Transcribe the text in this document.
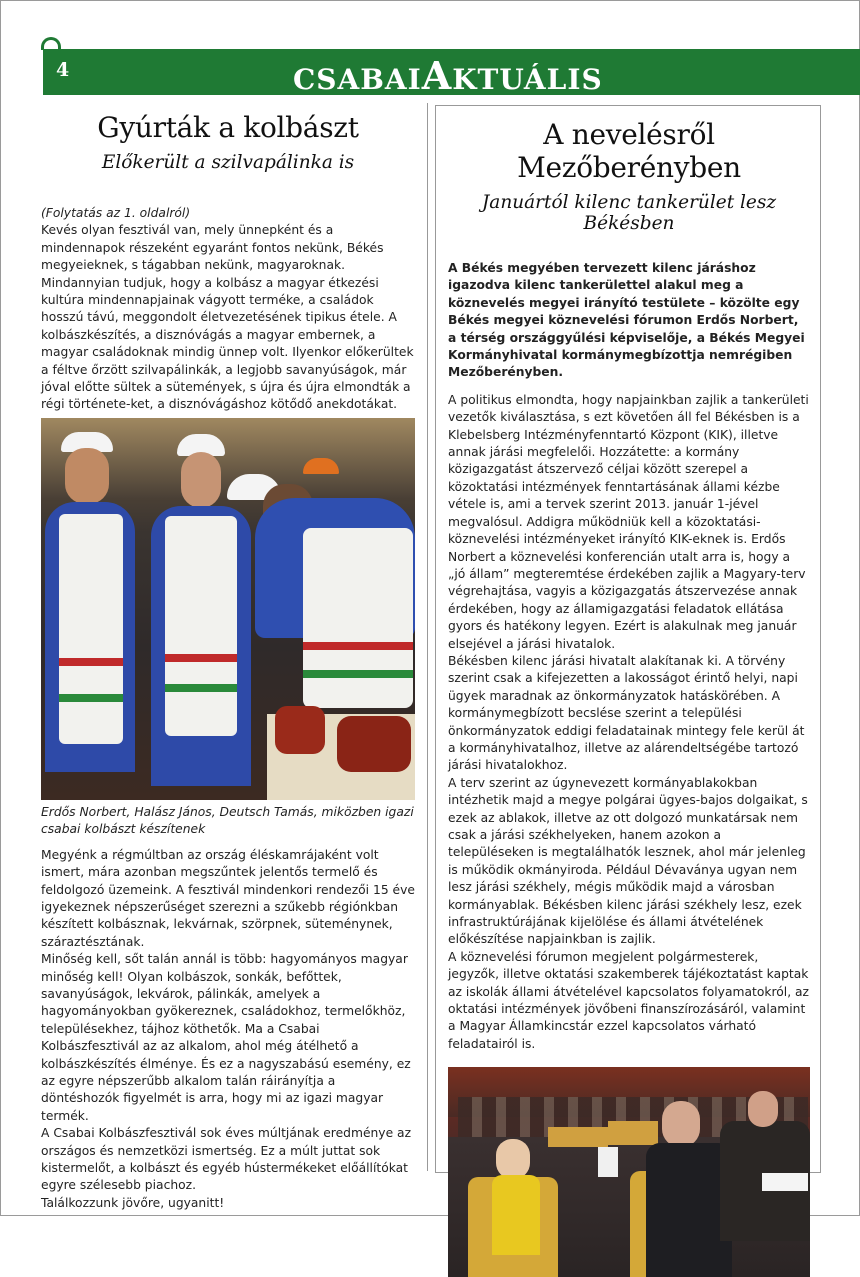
4	CSABAIAKTUÁLIS
Gyúrták a kolbászt
Előkerült a szilvapálinka is

(Folytatás az 1. oldalról)

Kevés olyan fesztivál van, mely ünnepként és a mindennapok részeként egyaránt fontos nekünk, Békés megyeieknek, s tágabban nekünk, magyaroknak. Mindannyian tudjuk, hogy a kolbász a magyar étkezési kultúra mindennapjainak vágyott terméke, a családok hosszú távú, meggondolt életvezetésének tipikus étele. A kolbászkészítés, a disznóvágás a magyar embernek, a magyar családoknak mindig ünnep volt. Ilyenkor előkerültek a féltve őrzött szilvapálinkák, a legjobb savanyúságok, már jóval előtte sültek a sütemények, s újra és újra elmondták a régi története-ket, a disznóvágáshoz kötődő anekdotákat.

Erdős Norbert, Halász János, Deutsch Tamás, miközben igazi csabai kolbászt készítenek

Megyénk a régmúltban az ország éléskamrájaként volt ismert, mára azonban megszűntek jelentős termelő és feldolgozó üzemeink. A fesztivál mindenkori rendezői 15 éve igyekeznek népszerűséget szerezni a szűkebb régiónkban készített kolbásznak, lekvárnak, szörpnek, süteménynek, száraztésztának.

Minőség kell, sőt talán annál is több: hagyományos magyar minőség kell! Olyan kolbászok, sonkák, befőttek, savanyúságok, lekvárok, pálinkák, amelyek a hagyományokban gyökereznek, családokhoz, termelőkhöz, településekhez, tájhoz köthetők. Ma a Csabai Kolbászfesztivál az az alkalom, ahol még átélhető a kolbászkészítés élménye. És ez a nagyszabású esemény, ez az egyre népszerűbb alkalom talán ráirányítja a döntéshozók figyelmét is arra, hogy mi az igazi magyar termék.

A Csabai Kolbászfesztivál sok éves múltjának eredménye az országos és nemzetközi ismertség. Ez a múlt juttat sok kistermelőt, a kolbászt és egyéb hústermékeket előállítókat egyre szélesebb piachoz.

Találkozzunk jövőre, ugyanitt!

A nevelésről Mezőberényben
Januártól kilenc tankerület lesz Békésben

A Békés megyében tervezett kilenc járáshoz igazodva kilenc tankerülettel alakul meg a köznevelés megyei irányító testülete – közölte egy Békés megyei köznevelési fórumon Erdős Norbert, a térség országgyűlési képviselője, a Békés Megyei Kormányhivatal kormánymegbízottja nemrégiben Mezőberényben.

A politikus elmondta, hogy napjainkban zajlik a tankerületi vezetők kiválasztása, s ezt követően áll fel Békésben is a Klebelsberg Intézményfenntartó Központ (KIK), illetve annak járási megfelelői. Hozzátette: a kormány közigazgatást átszervező céljai között szerepel a közoktatási intézmények fenntartásának állami kézbe vétele is, ami a tervek szerint 2013. január 1-jével megvalósul. Addigra működniük kell a közoktatási-köznevelési intézményeket irányító KIK-eknek is. Erdős Norbert a köznevelési konferencián utalt arra is, hogy a „jó állam” megteremtése érdekében zajlik a Magyary-terv végrehajtása, vagyis a közigazgatás átszervezése annak érdekében, hogy az államigazgatási feladatok ellátása gyors és hatékony legyen. Ezért is alakulnak meg január elsejével a járási hivatalok.

Békésben kilenc járási hivatalt alakítanak ki. A törvény szerint csak a kifejezetten a lakosságot érintő helyi, napi ügyek maradnak az önkormányzatok hatáskörében. A kormánymegbízott becslése szerint a települési önkormányzatok eddigi feladatainak mintegy fele kerül át a kormányhivatalhoz, illetve az alárendeltségébe tartozó járási hivatalokhoz.

A terv szerint az úgynevezett kormányablakokban intézhetik majd a megye polgárai ügyes-bajos dolgaikat, s ezek az ablakok, illetve az ott dolgozó munkatársak nem csak a járási székhelyeken, hanem azokon a településeken is megtalálhatók lesznek, ahol már jelenleg is működik okmányiroda. Például Dévaványa ugyan nem lesz járási székhely, mégis működik majd a városban kormányablak. Békésben kilenc járási székhely lesz, ezek infrastruktúrájának kijelölése és állami átvételének előkészítése napjainkban is zajlik.

A köznevelési fórumon megjelent polgármesterek, jegyzők, illetve oktatási szakemberek tájékoztatást kaptak az iskolák állami átvételével kapcsolatos folyamatokról, az oktatási intézmények jövőbeni finanszírozásáról, valamint a Magyar Államkincstár ezzel kapcsolatos várható feladatairól is.
